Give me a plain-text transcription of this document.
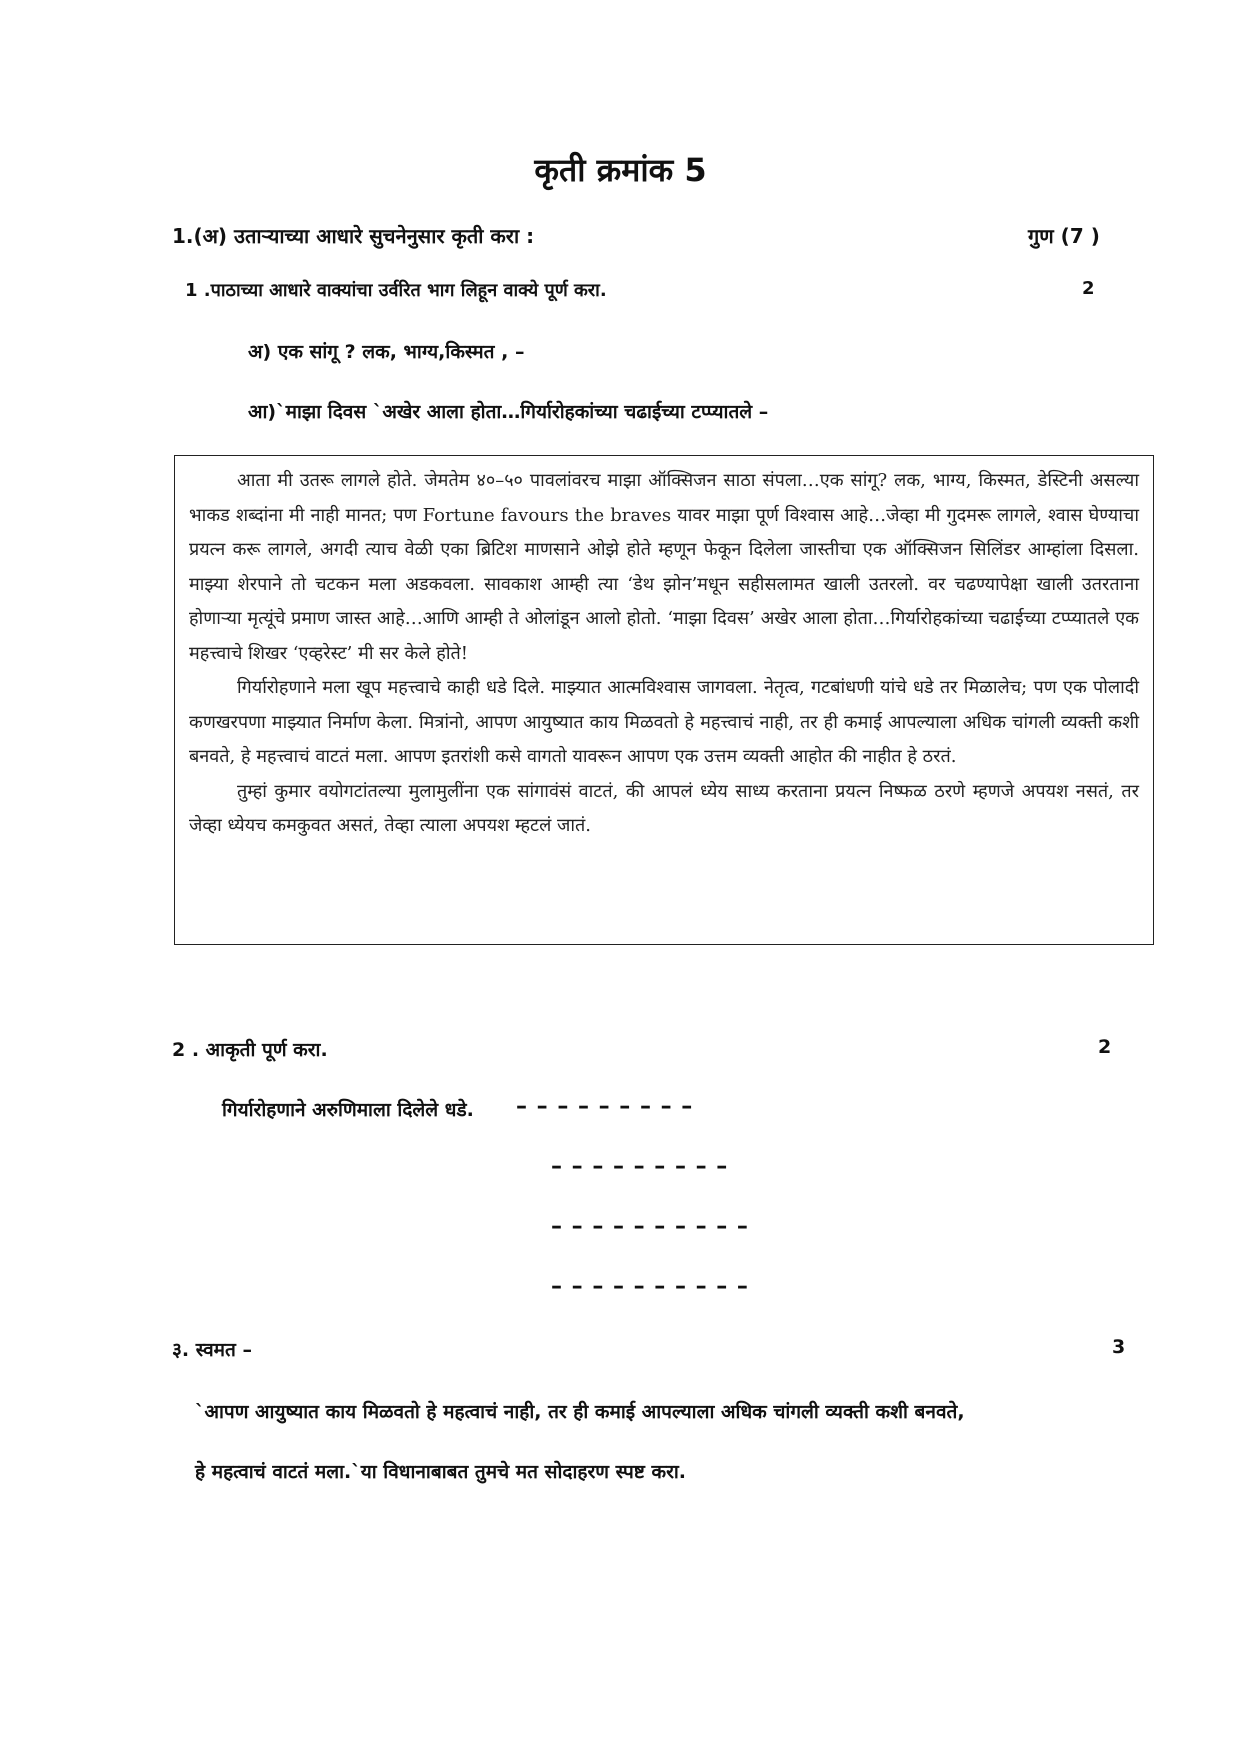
कृती क्रमांक 5
1.(अ) उताऱ्याच्या आधारे सुचनेनुसार कृती करा :	गुण (7 )
1 .पाठाच्या आधारे वाक्यांचा उर्वरित भाग लिहून वाक्ये पूर्ण करा.	2
अ) एक सांगू ? लक, भाग्य,किस्मत , –
आ)`माझा दिवस `अखेर आला होता…गिर्यारोहकांच्या चढाईच्या टप्प्यातले –

आता मी उतरू लागले होते. जेमतेम ४०–५० पावलांवरच माझा ऑक्सिजन साठा संपला…एक सांगू? लक, भाग्य, किस्मत, डेस्टिनी असल्या भाकड शब्दांना मी नाही मानत; पण Fortune favours the braves यावर माझा पूर्ण विश्वास आहे…जेव्हा मी गुदमरू लागले, श्वास घेण्याचा प्रयत्न करू लागले, अगदी त्याच वेळी एका ब्रिटिश माणसाने ओझे होते म्हणून फेकून दिलेला जास्तीचा एक ऑक्सिजन सिलिंडर आम्हांला दिसला. माझ्या शेरपाने तो चटकन मला अडकवला. सावकाश आम्ही त्या ‘डेथ झोन’मधून सहीसलामत खाली उतरलो. वर चढण्यापेक्षा खाली उतरताना होणाऱ्या मृत्यूंचे प्रमाण जास्त आहे…आणि आम्ही ते ओलांडून आलो होतो. ‘माझा दिवस’ अखेर आला होता…गिर्यारोहकांच्या चढाईच्या टप्प्यातले एक महत्त्वाचे शिखर ‘एव्हरेस्ट’ मी सर केले होते!

गिर्यारोहणाने मला खूप महत्त्वाचे काही धडे दिले. माझ्यात आत्मविश्वास जागवला. नेतृत्व, गटबांधणी यांचे धडे तर मिळालेच; पण एक पोलादी कणखरपणा माझ्यात निर्माण केला. मित्रांनो, आपण आयुष्यात काय मिळवतो हे महत्त्वाचं नाही, तर ही कमाई आपल्याला अधिक चांगली व्यक्ती कशी बनवते, हे महत्त्वाचं वाटतं मला. आपण इतरांशी कसे वागतो यावरून आपण एक उत्तम व्यक्ती आहोत की नाहीत हे ठरतं.

तुम्हां कुमार वयोगटांतल्या मुलामुलींना एक सांगावंसं वाटतं, की आपलं ध्येय साध्य करताना प्रयत्न निष्फळ ठरणे म्हणजे अपयश नसतं, तर जेव्हा ध्येयच कमकुवत असतं, तेव्हा त्याला अपयश म्हटलं जातं.

2 . आकृती पूर्ण करा.	2
गिर्यारोहणाने अरुणिमाला दिलेले धडे. – – – – – – – – –
– – – – – – – – –
– – – – – – – – – –
– – – – – – – – – –
३. स्वमत –	3
`आपण आयुष्यात काय मिळवतो हे महत्वाचं नाही, तर ही कमाई आपल्याला अधिक चांगली व्यक्ती कशी बनवते,
हे महत्वाचं वाटतं मला.`या विधानाबाबत तुमचे मत सोदाहरण स्पष्ट करा.
